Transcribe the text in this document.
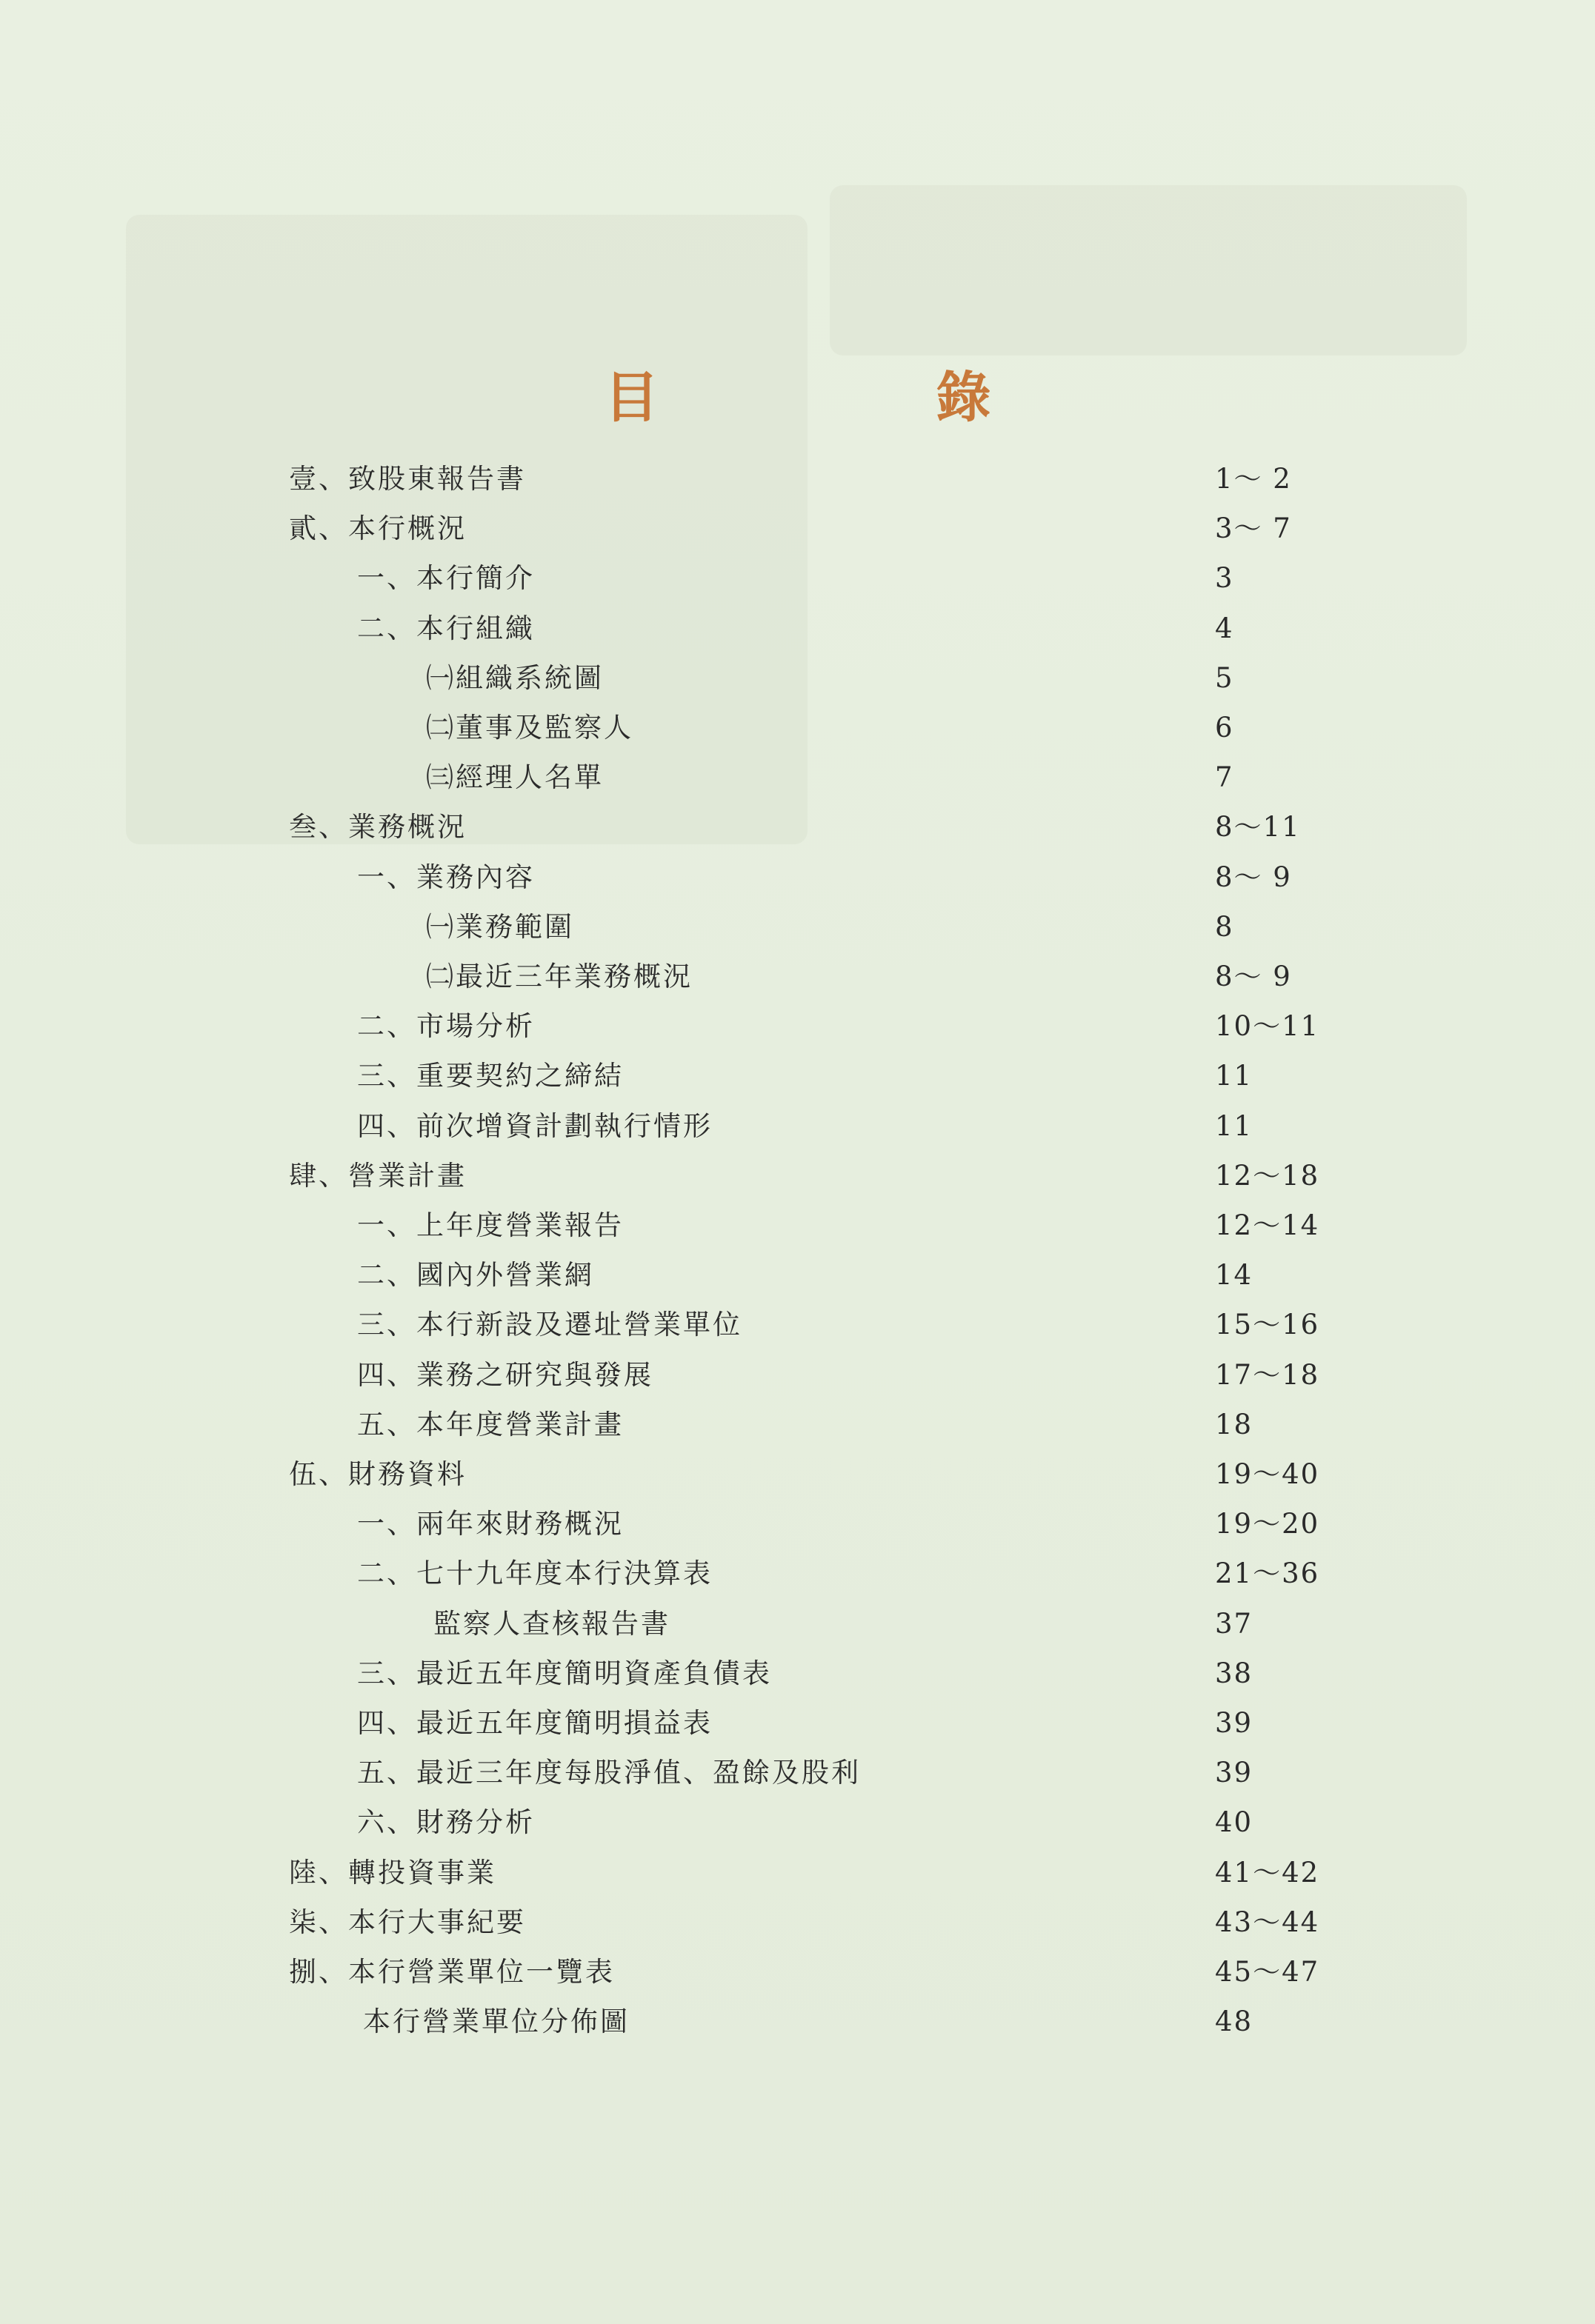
目　錄
壹、致股東報告書	1～ 2
貳、本行概況	3～ 7
一、本行簡介	3
二、本行組織	4
㈠組織系統圖	5
㈡董事及監察人	6
㈢經理人名單	7
叁、業務概況	8～11
一、業務內容	8～ 9
㈠業務範圍	8
㈡最近三年業務概況	8～ 9
二、市場分析	10～11
三、重要契約之締結	11
四、前次增資計劃執行情形	11
肆、營業計畫	12～18
一、上年度營業報告	12～14
二、國內外營業網	14
三、本行新設及遷址營業單位	15～16
四、業務之研究與發展	17～18
五、本年度營業計畫	18
伍、財務資料	19～40
一、兩年來財務概況	19～20
二、七十九年度本行決算表	21～36
監察人查核報告書	37
三、最近五年度簡明資產負債表	38
四、最近五年度簡明損益表	39
五、最近三年度每股淨值、盈餘及股利	39
六、財務分析	40
陸、轉投資事業	41～42
柒、本行大事紀要	43～44
捌、本行營業單位一覽表	45～47
本行營業單位分佈圖	48
